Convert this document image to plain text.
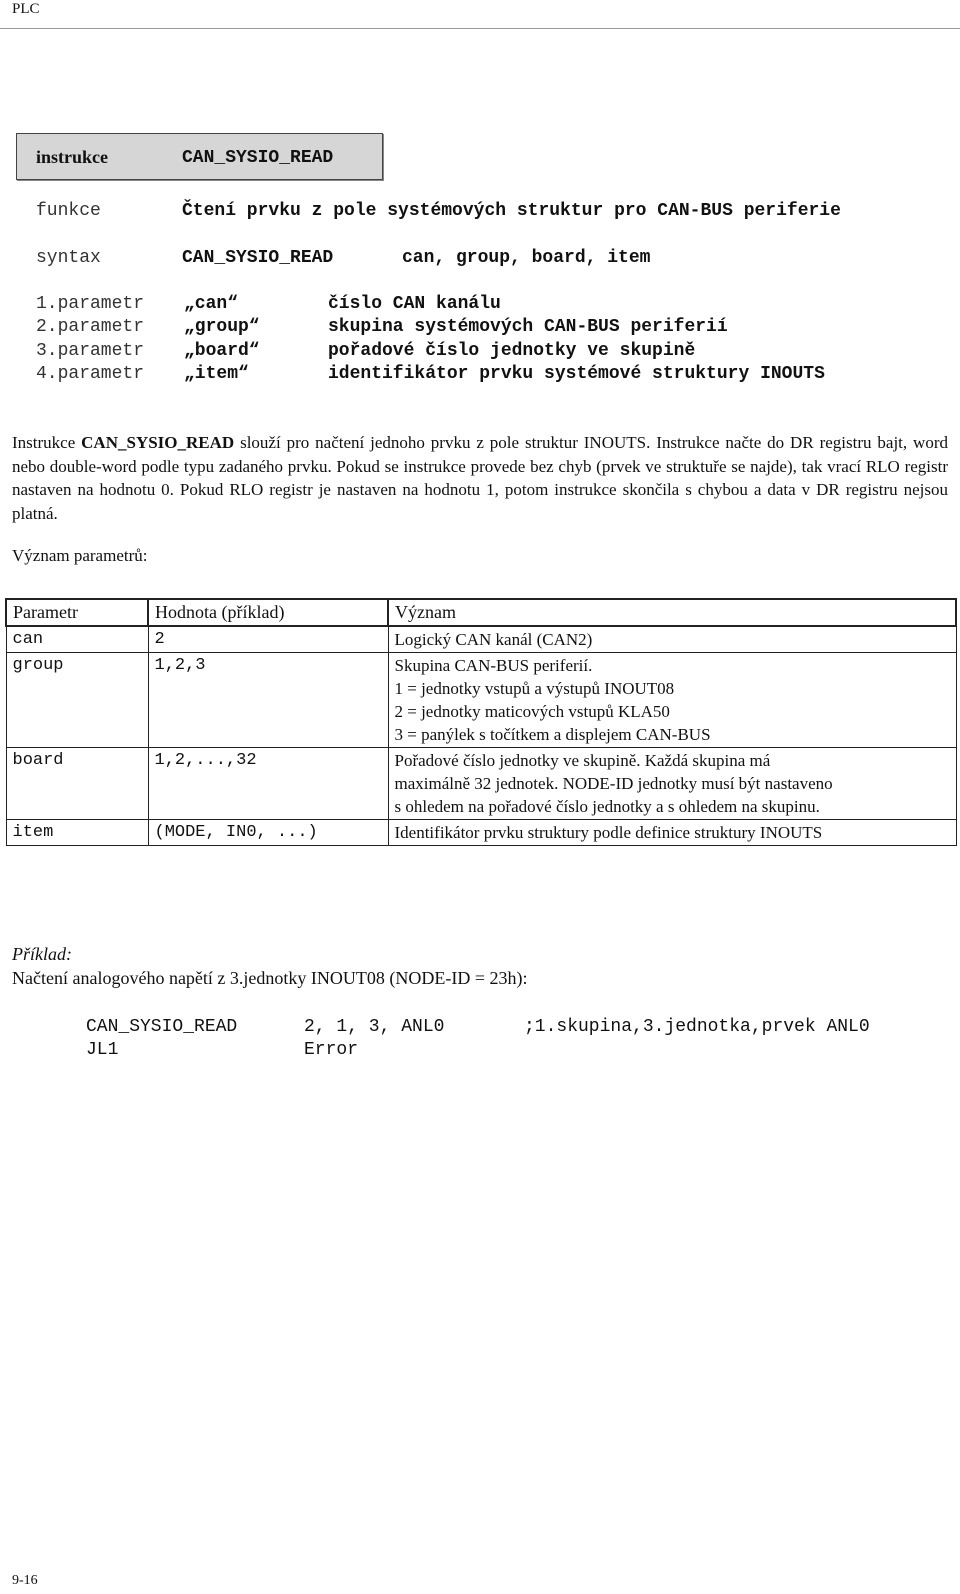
PLC
instrukce	CAN_SYSIO_READ
funkce	Čtení prvku z pole systémových struktur pro CAN-BUS periferie
syntax	CAN_SYSIO_READ	can, group, board, item
1.parametr „can“	číslo CAN kanálu
2.parametr „group“	skupina systémových CAN-BUS periferií
3.parametr „board“	pořadové číslo jednotky ve skupině
4.parametr „item“	identifikátor prvku systémové struktury INOUTS
Instrukce CAN_SYSIO_READ slouží pro načtení jednoho prvku z pole struktur INOUTS. Instrukce načte do DR registru bajt, word nebo double-word podle typu zadaného prvku. Pokud se instrukce provede bez chyb (prvek ve struktuře se najde), tak vrací RLO registr nastaven na hodnotu 0. Pokud RLO registr je nastaven na hodnotu 1, potom instrukce skončila s chybou a data v DR registru nejsou platná.
Význam parametrů:
Parametr	Hodnota (příklad)	Význam
can	2	Logický CAN kanál (CAN2)

group	1,2,3	Skupina CAN-BUS periferií.
1 = jednotky vstupů a výstupů INOUT08
2 = jednotky maticových vstupů KLA50
3 = panýlek s točítkem a displejem CAN-BUS

board	1,2,...,32	Pořadové číslo jednotky ve skupině. Každá skupina má
maximálně 32 jednotek. NODE-ID jednotky musí být nastaveno
s ohledem na pořadové číslo jednotky a s ohledem na skupinu.

item	(MODE, IN0, ...)	Identifikátor prvku struktury podle definice struktury INOUTS
Příklad:
Načtení analogového napětí z 3.jednotky INOUT08 (NODE-ID = 23h):
CAN_SYSIO_READ	2, 1, 3, ANL0	;1.skupina,3.jednotka,prvek ANL0
JL1	Error
9-16
